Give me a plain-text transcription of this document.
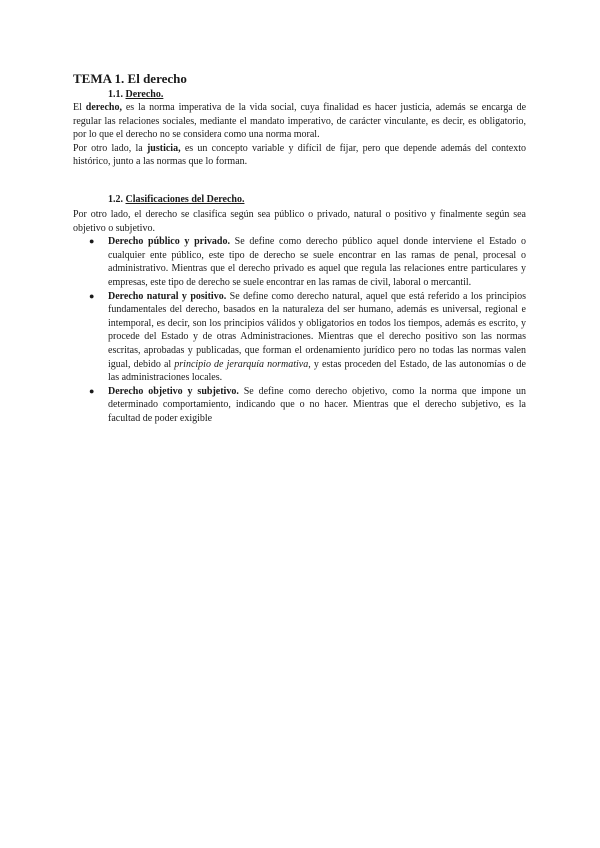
TEMA 1. El derecho

1.1. Derecho.

El derecho, es la norma imperativa de la vida social, cuya finalidad es hacer justicia, además se encarga de regular las relaciones sociales, mediante el mandato imperativo, de carácter vinculante, es decir, es obligatorio, por lo que el derecho no se considera como una norma moral.

Por otro lado, la justicia, es un concepto variable y difícil de fijar, pero que depende además del contexto histórico, junto a las normas que lo forman.

1.2. Clasificaciones del Derecho.

Por otro lado, el derecho se clasifica según sea público o privado, natural o positivo y finalmente según sea objetivo o subjetivo.

● Derecho público y privado. Se define como derecho público aquel donde interviene el Estado o cualquier ente público, este tipo de derecho se suele encontrar en las ramas de penal, procesal o administrativo. Mientras que el derecho privado es aquel que regula las relaciones entre particulares y empresas, este tipo de derecho se suele encontrar en las ramas de civil, laboral o mercantil.
● Derecho natural y positivo. Se define como derecho natural, aquel que está referido a los principios fundamentales del derecho, basados en la naturaleza del ser humano, además es universal, regional e intemporal, es decir, son los principios válidos y obligatorios en todos los tiempos, además es escrito, y procede del Estado y de otras Administraciones. Mientras que el derecho positivo son las normas escritas, aprobadas y publicadas, que forman el ordenamiento jurídico pero no todas las normas valen igual, debido al principio de jerarquía normativa, y estas proceden del Estado, de las autonomías o de las administraciones locales.
● Derecho objetivo y subjetivo. Se define como derecho objetivo, como la norma que impone un determinado comportamiento, indicando que o no hacer. Mientras que el derecho subjetivo, es la facultad de poder exigible
